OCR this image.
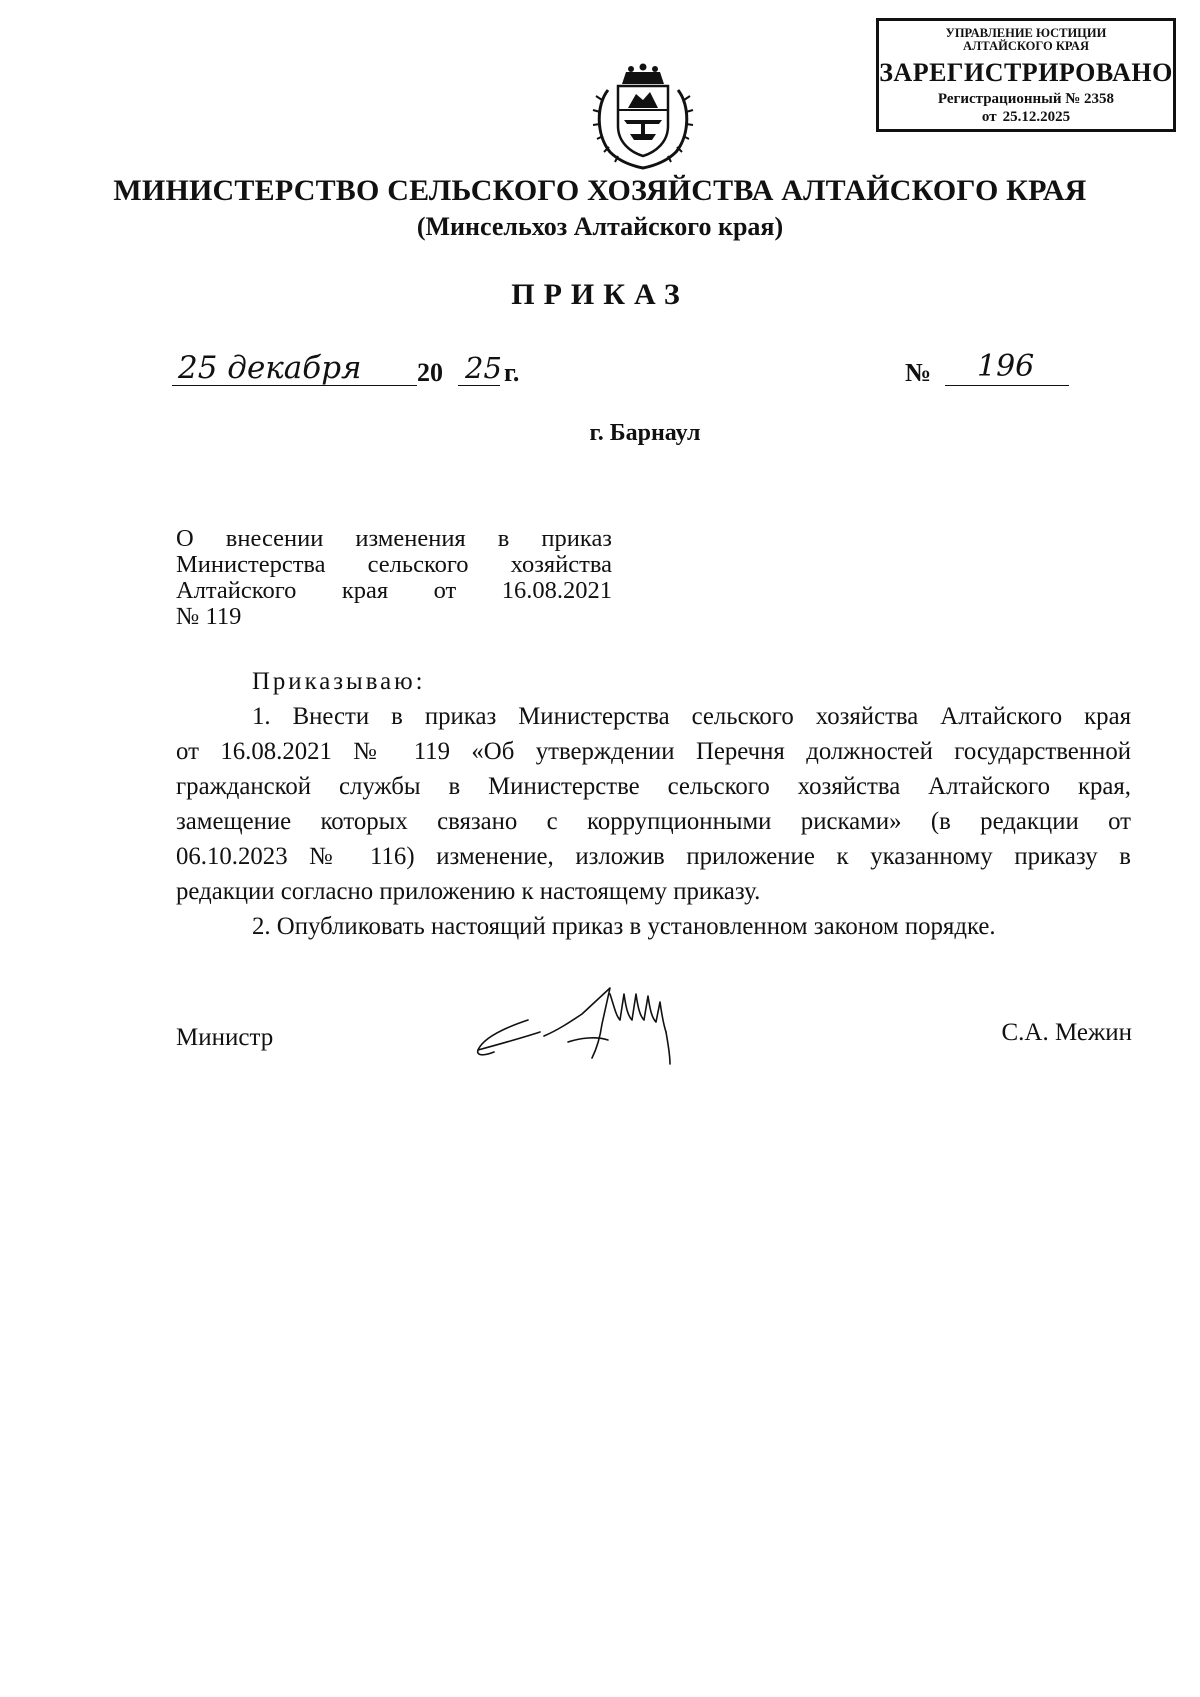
УПРАВЛЕНИЕ ЮСТИЦИИ
АЛТАЙСКОГО КРАЯ
ЗАРЕГИСТРИРОВАНО
Регистрационный № 2358
от 25.12.2025
МИНИСТЕРСТВО СЕЛЬСКОГО ХОЗЯЙСТВА АЛТАЙСКОГО КРАЯ
(Минсельхоз Алтайского края)
ПРИКАЗ
25 декабря 20 25 г.	№ 196
г. Барнаул
О внесении изменения в приказ
Министерства сельского хозяйства
Алтайского края от 16.08.2021
№ 119
Приказываю:
1. Внести в приказ Министерства сельского хозяйства Алтайского края
от 16.08.2021 № 119 «Об утверждении Перечня должностей государственной
гражданской службы в Министерстве сельского хозяйства Алтайского края,
замещение которых связано с коррупционными рисками» (в редакции от
06.10.2023 № 116) изменение, изложив приложение к указанному приказу в
редакции согласно приложению к настоящему приказу.
2. Опубликовать настоящий приказ в установленном законом порядке.
Министр	С.А. Межин
